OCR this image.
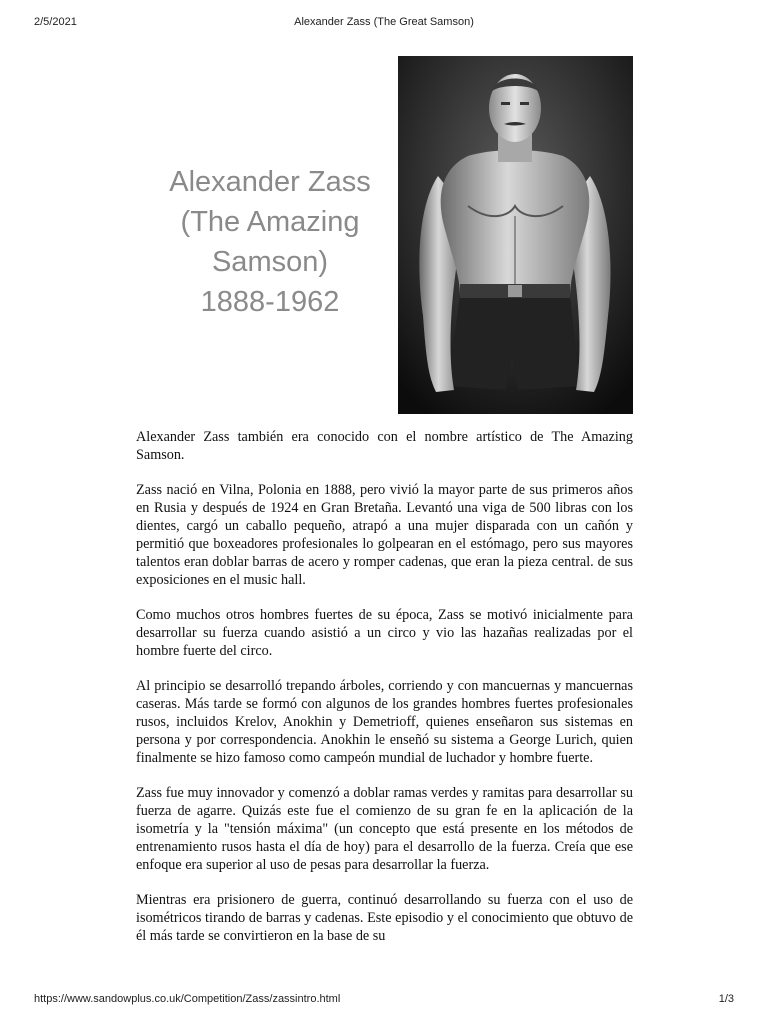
2/5/2021	Alexander Zass (The Great Samson)
Alexander Zass
(The Amazing
Samson)
1888-1962

Alexander Zass también era conocido con el nombre artístico de The Amazing Samson.

Zass nació en Vilna, Polonia en 1888, pero vivió la mayor parte de sus primeros años en Rusia y después de 1924 en Gran Bretaña. Levantó una viga de 500 libras con los dientes, cargó un caballo pequeño, atrapó a una mujer disparada con un cañón y permitió que boxeadores profesionales lo golpearan en el estómago, pero sus mayores talentos eran doblar barras de acero y romper cadenas, que eran la pieza central. de sus exposiciones en el music hall.

Como muchos otros hombres fuertes de su época, Zass se motivó inicialmente para desarrollar su fuerza cuando asistió a un circo y vio las hazañas realizadas por el hombre fuerte del circo.

Al principio se desarrolló trepando árboles, corriendo y con mancuernas y mancuernas caseras. Más tarde se formó con algunos de los grandes hombres fuertes profesionales rusos, incluidos Krelov, Anokhin y Demetrioff, quienes enseñaron sus sistemas en persona y por correspondencia. Anokhin le enseñó su sistema a George Lurich, quien finalmente se hizo famoso como campeón mundial de luchador y hombre fuerte.

Zass fue muy innovador y comenzó a doblar ramas verdes y ramitas para desarrollar su fuerza de agarre. Quizás este fue el comienzo de su gran fe en la aplicación de la isometría y la "tensión máxima" (un concepto que está presente en los métodos de entrenamiento rusos hasta el día de hoy) para el desarrollo de la fuerza. Creía que ese enfoque era superior al uso de pesas para desarrollar la fuerza.

Mientras era prisionero de guerra, continuó desarrollando su fuerza con el uso de isométricos tirando de barras y cadenas. Este episodio y el conocimiento que obtuvo de él más tarde se convirtieron en la base de su

https://www.sandowplus.co.uk/Competition/Zass/zassintro.html	1/3
